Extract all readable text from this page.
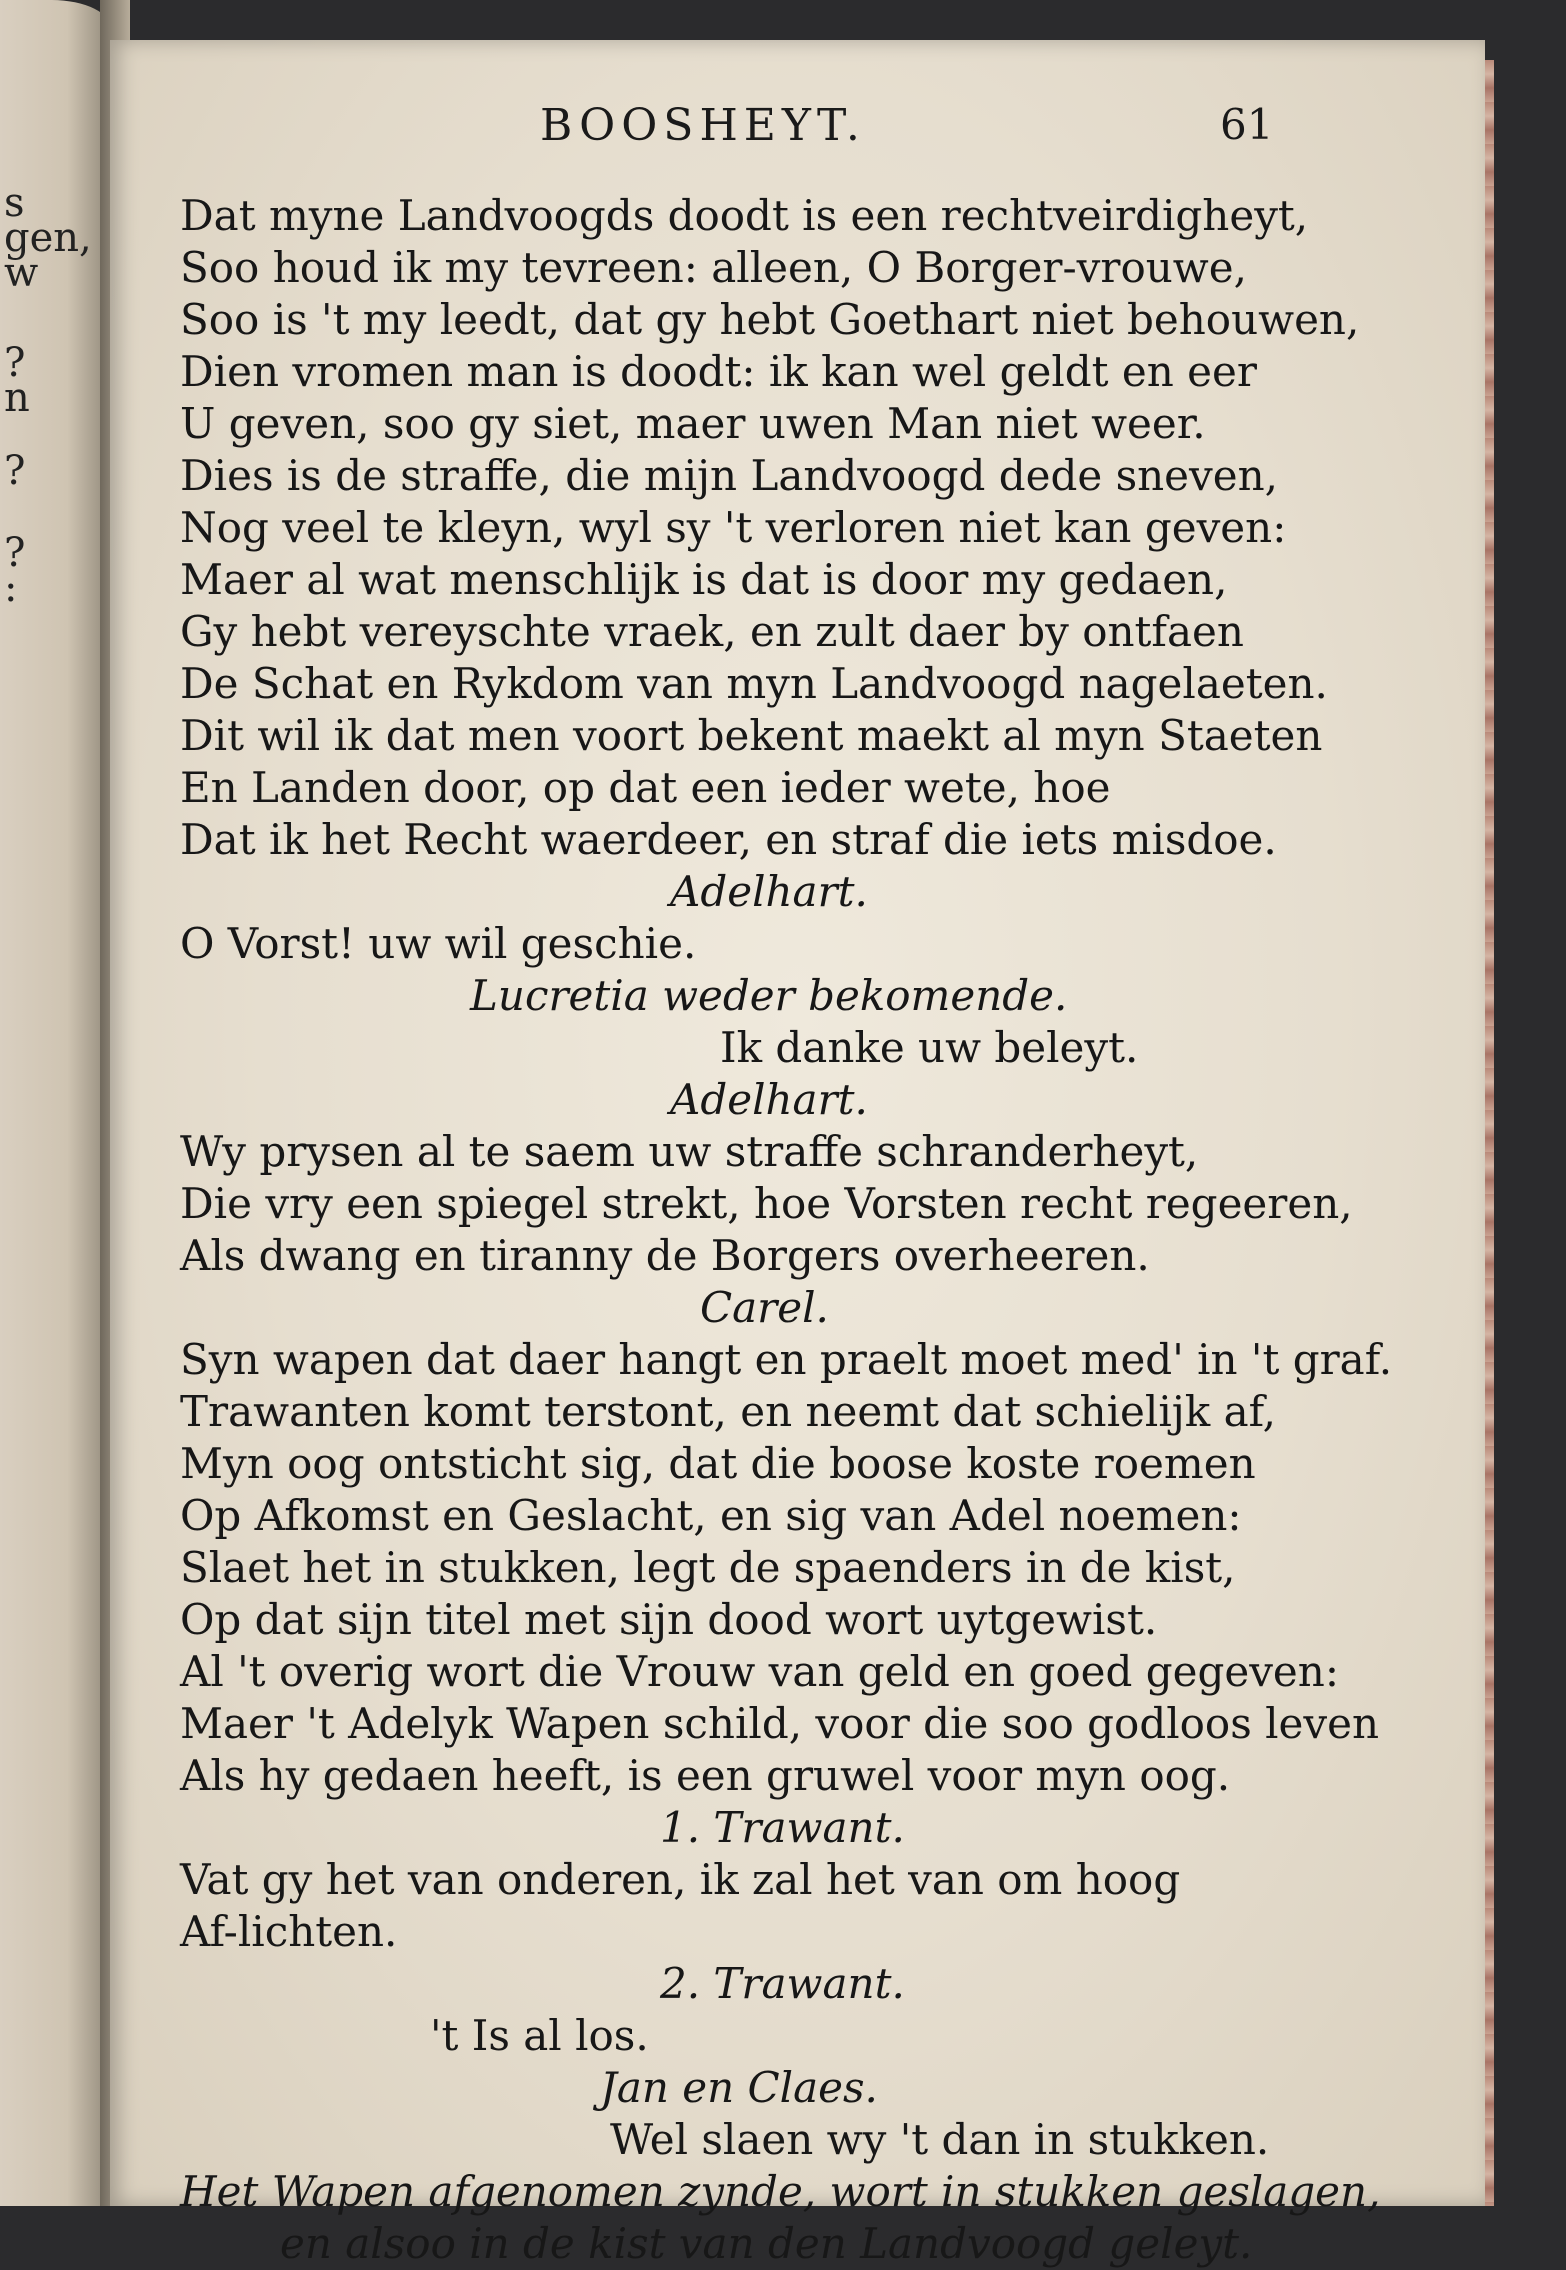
s
gen,
w
?
n
?
?
:
BOOSHEYT.	61

Dat myne Landvoogds doodt is een rechtveirdigheyt,

Soo houd ik my tevreen: alleen, O Borger-vrouwe,

Soo is 't my leedt, dat gy hebt Goethart niet behouwen,

Dien vromen man is doodt: ik kan wel geldt en eer

U geven, soo gy siet, maer uwen Man niet weer.

Dies is de straffe, die mijn Landvoogd dede sneven,

Nog veel te kleyn, wyl sy 't verloren niet kan geven:

Maer al wat menschlijk is dat is door my gedaen,

Gy hebt vereyschte vraek, en zult daer by ontfaen

De Schat en Rykdom van myn Landvoogd nagelaeten.

Dit wil ik dat men voort bekent maekt al myn Staeten

En Landen door, op dat een ieder wete, hoe

Dat ik het Recht waerdeer, en straf die iets misdoe.

Adelhart.

O Vorst! uw wil geschie.

Lucretia weder bekomende.

Ik danke uw beleyt.

Adelhart.

Wy prysen al te saem uw straffe schranderheyt,

Die vry een spiegel strekt, hoe Vorsten recht regeeren,

Als dwang en tiranny de Borgers overheeren.

Carel.

Syn wapen dat daer hangt en praelt moet med' in 't graf.

Trawanten komt terstont, en neemt dat schielijk af,

Myn oog ontsticht sig, dat die boose koste roemen

Op Afkomst en Geslacht, en sig van Adel noemen:

Slaet het in stukken, legt de spaenders in de kist,

Op dat sijn titel met sijn dood wort uytgewist.

Al 't overig wort die Vrouw van geld en goed gegeven:

Maer 't Adelyk Wapen schild, voor die soo godloos leven

Als hy gedaen heeft, is een gruwel voor myn oog.

1. Trawant.

Vat gy het van onderen, ik zal het van om hoog

Af-lichten.

2. Trawant.

't Is al los.

Jan en Claes.

Wel slaen wy 't dan in stukken.

Het Wapen afgenomen zynde, wort in stukken geslagen,

en alsoo in de kist van den Landvoogd geleyt.
